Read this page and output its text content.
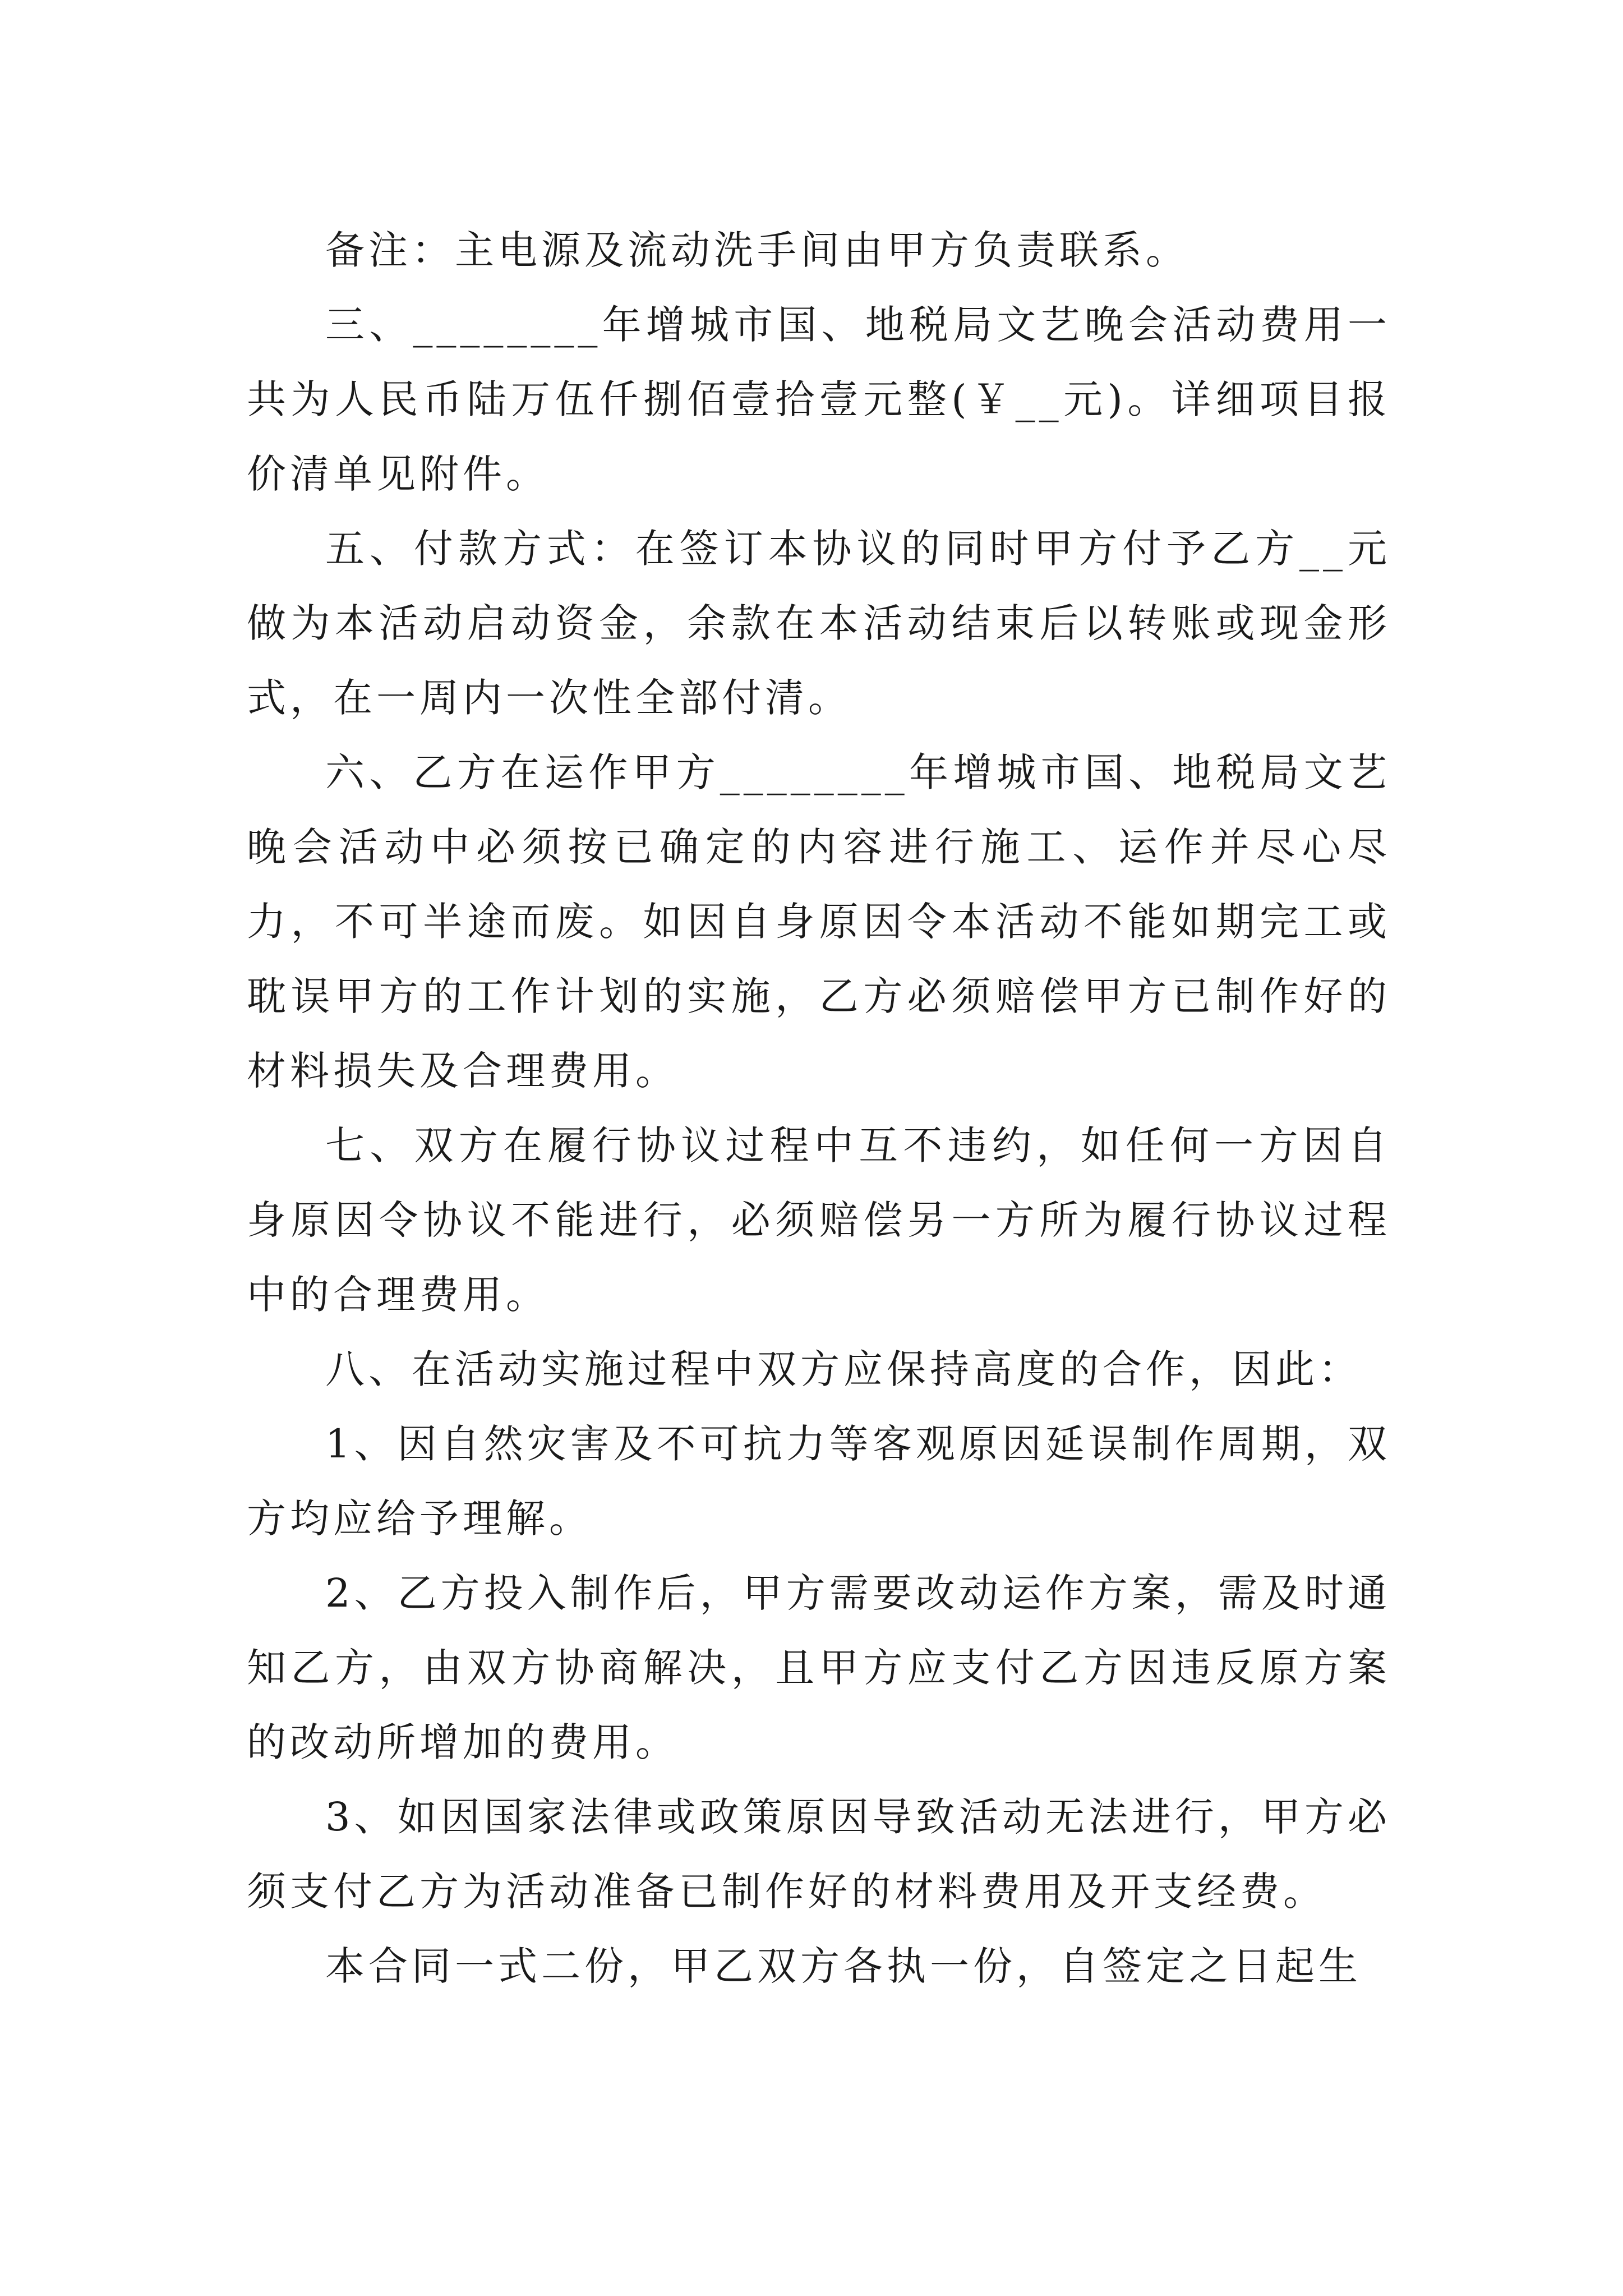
备注：主电源及流动洗手间由甲方负责联系。

三、________年增城市国、地税局文艺晚会活动费用一共为人民币陆万伍仟捌佰壹拾壹元整(￥__元)。详细项目报价清单见附件。

五、付款方式：在签订本协议的同时甲方付予乙方__元做为本活动启动资金，余款在本活动结束后以转账或现金形式，在一周内一次性全部付清。

六、乙方在运作甲方________年增城市国、地税局文艺晚会活动中必须按已确定的内容进行施工、运作并尽心尽力，不可半途而废。如因自身原因令本活动不能如期完工或耽误甲方的工作计划的实施，乙方必须赔偿甲方已制作好的材料损失及合理费用。

七、双方在履行协议过程中互不违约，如任何一方因自身原因令协议不能进行，必须赔偿另一方所为履行协议过程中的合理费用。

八、在活动实施过程中双方应保持高度的合作，因此：

1、因自然灾害及不可抗力等客观原因延误制作周期，双方均应给予理解。

2、乙方投入制作后，甲方需要改动运作方案，需及时通知乙方，由双方协商解决，且甲方应支付乙方因违反原方案的改动所增加的费用。

3、如因国家法律或政策原因导致活动无法进行，甲方必须支付乙方为活动准备已制作好的材料费用及开支经费。

本合同一式二份，甲乙双方各执一份，自签定之日起生
